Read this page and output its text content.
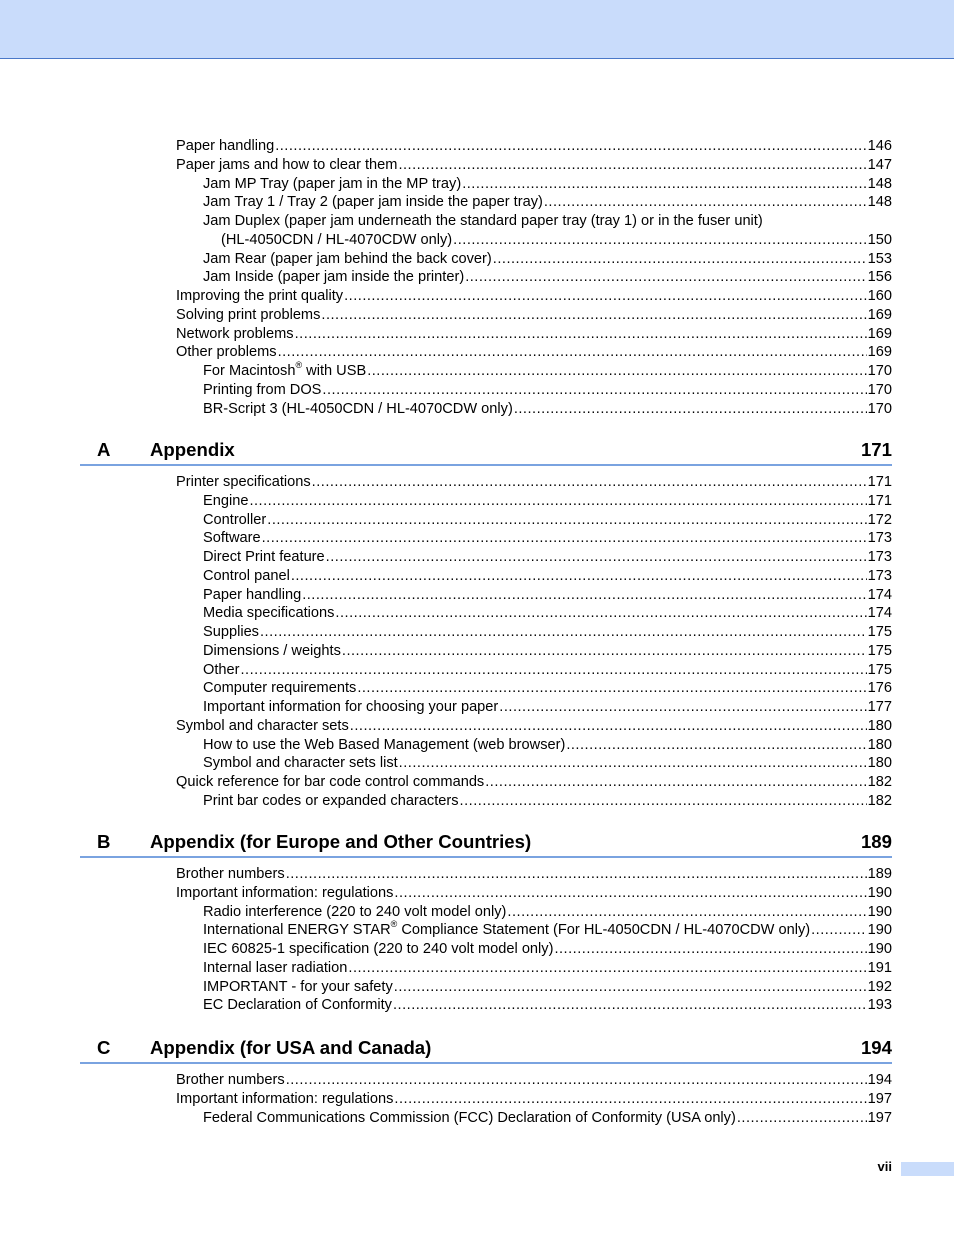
Paper handling .....	146
Paper jams and how to clear them .....	147
Jam MP Tray (paper jam in the MP tray) .....	148
Jam Tray 1 / Tray 2 (paper jam inside the paper tray) .....	148
Jam Duplex (paper jam underneath the standard paper tray (tray 1) or in the fuser unit)
(HL-4050CDN / HL-4070CDW only) .....	150
Jam Rear (paper jam behind the back cover) .....	153
Jam Inside (paper jam inside the printer) .....	156
Improving the print quality .....	160
Solving print problems .....	169
Network problems .....	169
Other problems .....	169
For Macintosh® with USB .....	170
Printing from DOS .....	170
BR-Script 3 (HL-4050CDN / HL-4070CDW only) .....	170
A Appendix	171
Printer specifications .....	171
Engine .....	171
Controller .....	172
Software .....	173
Direct Print feature .....	173
Control panel .....	173
Paper handling .....	174
Media specifications .....	174
Supplies .....	175
Dimensions / weights .....	175
Other .....	175
Computer requirements .....	176
Important information for choosing your paper .....	177
Symbol and character sets .....	180
How to use the Web Based Management (web browser) .....	180
Symbol and character sets list .....	180
Quick reference for bar code control commands .....	182
Print bar codes or expanded characters .....	182
B Appendix (for Europe and Other Countries)	189
Brother numbers .....	189
Important information: regulations .....	190
Radio interference (220 to 240 volt model only) .....	190
International ENERGY STAR® Compliance Statement (For HL-4050CDN / HL-4070CDW only) .....	190
IEC 60825-1 specification (220 to 240 volt model only) .....	190
Internal laser radiation .....	191
IMPORTANT - for your safety .....	192
EC Declaration of Conformity .....	193
C Appendix (for USA and Canada)	194
Brother numbers .....	194
Important information: regulations .....	197
Federal Communications Commission (FCC) Declaration of Conformity (USA only) .....	197
vii
